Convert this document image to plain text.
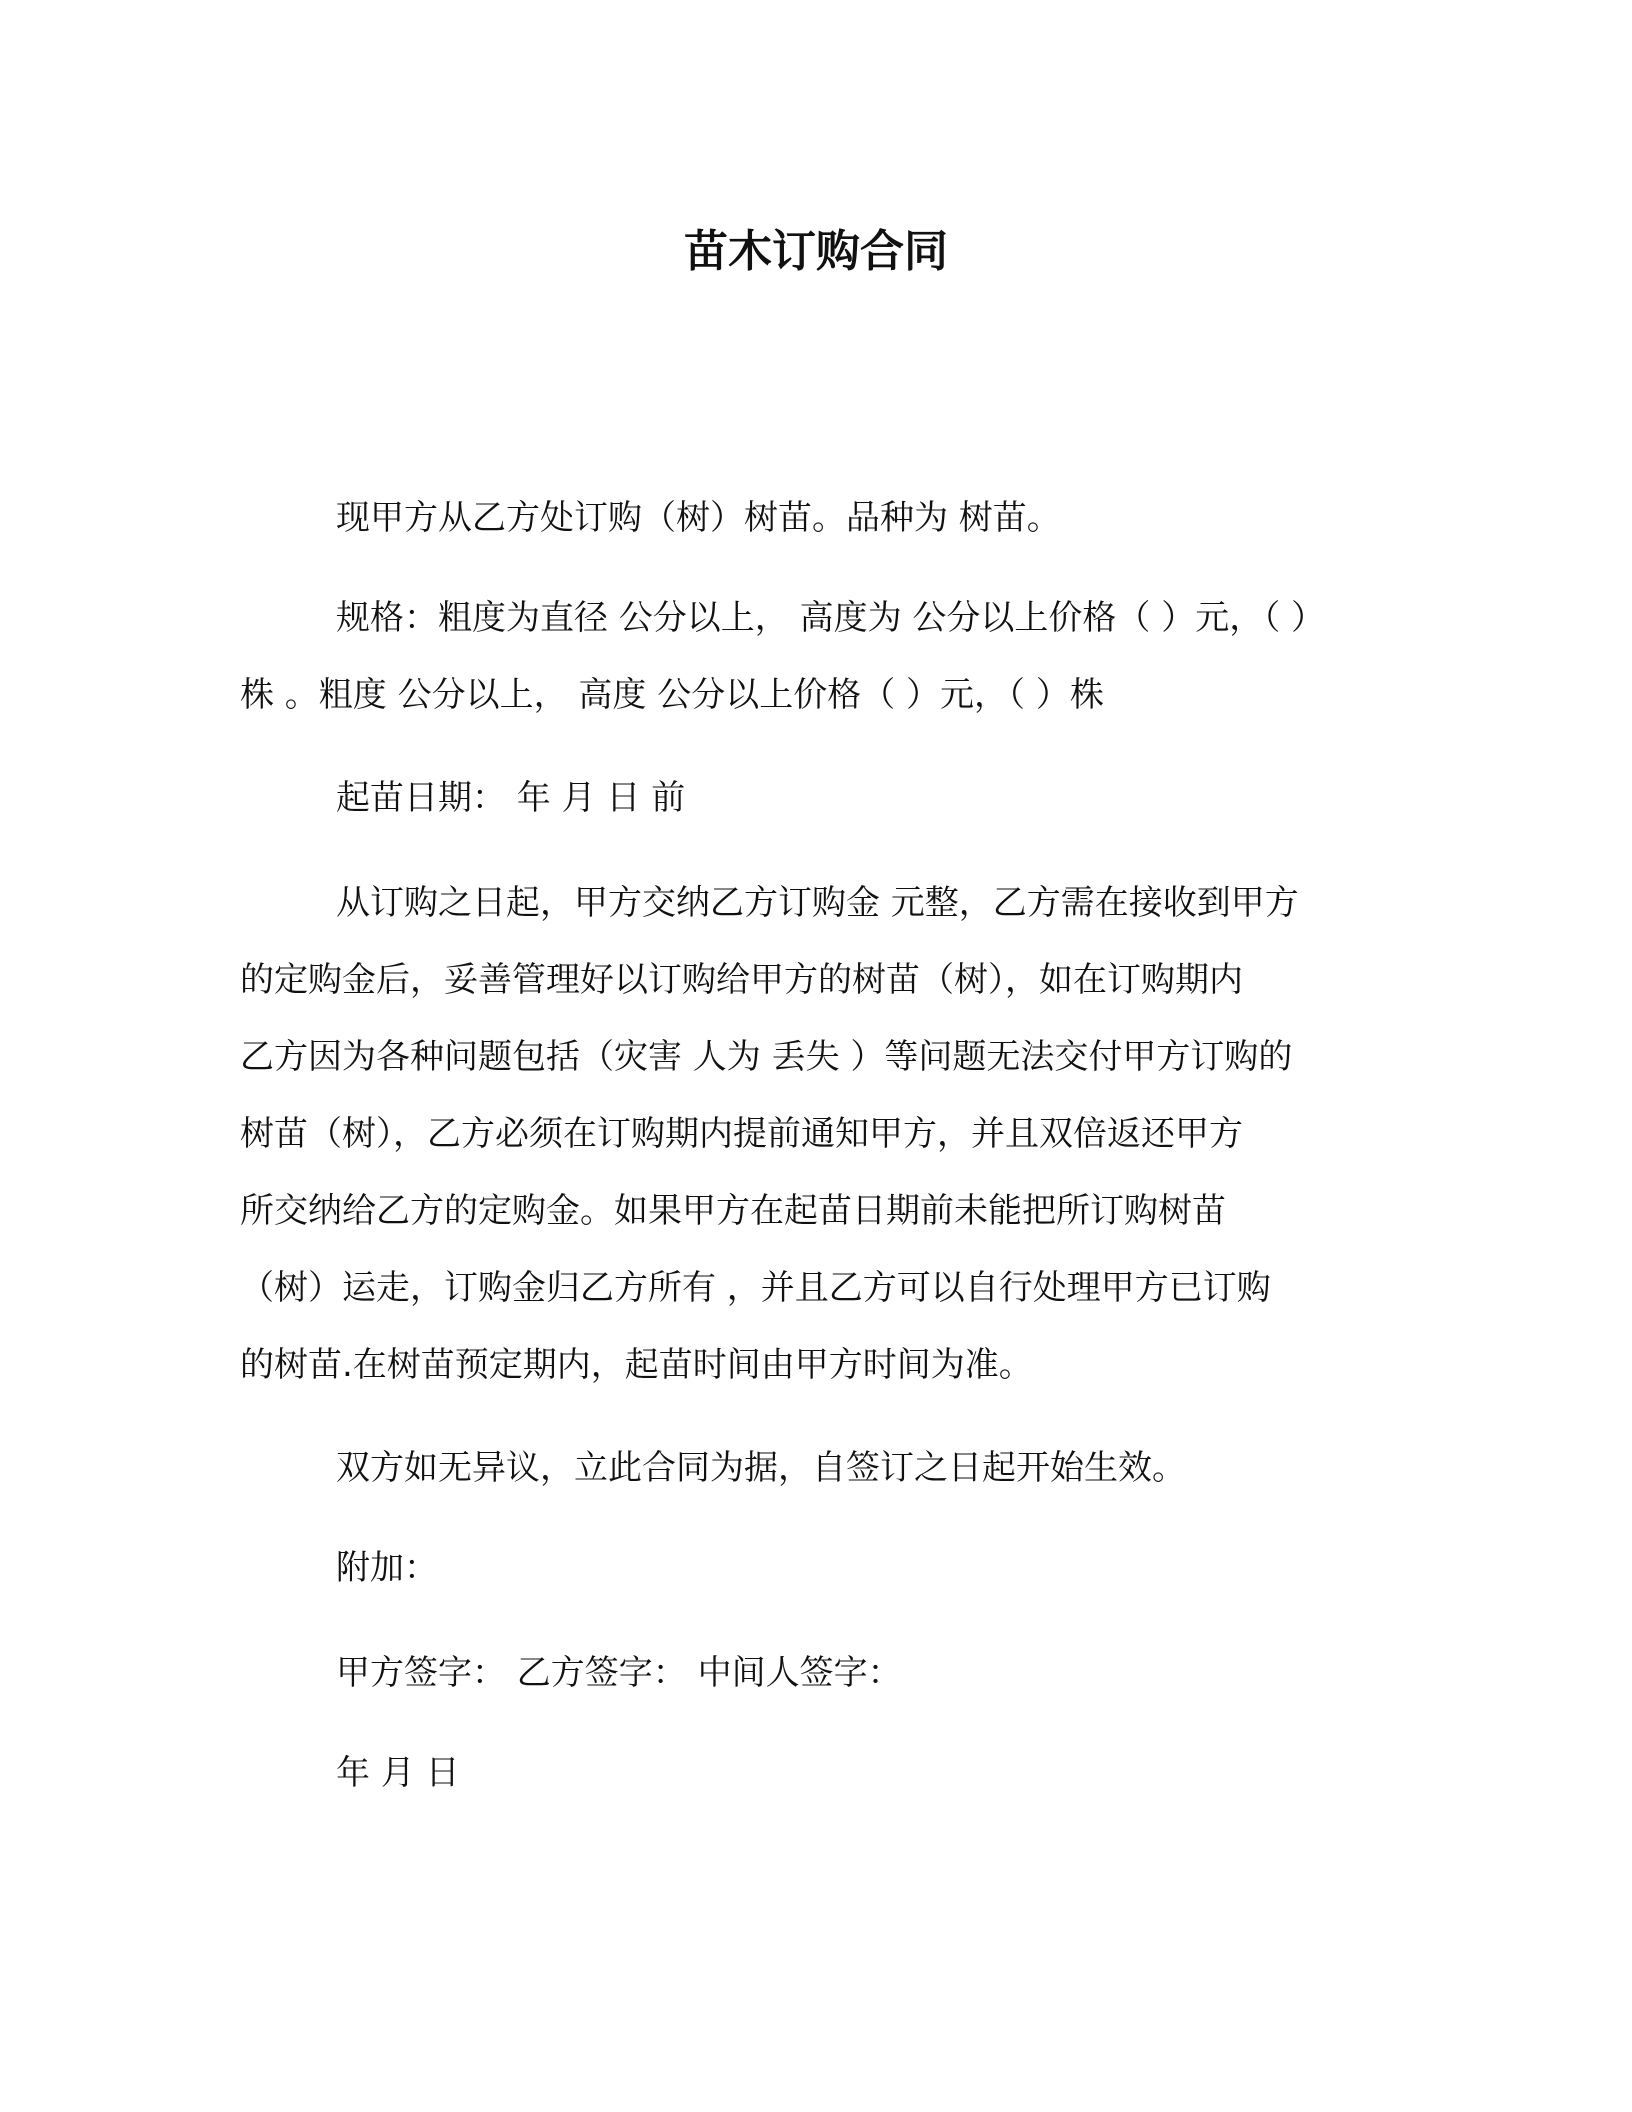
苗木订购合同

现甲方从乙方处订购（树）树苗。品种为 树苗。

规格：粗度为直径 公分以上， 高度为 公分以上价格（ ）元，（ ）
株 。粗度 公分以上， 高度 公分以上价格（ ）元，（ ）株

起苗日期： 年 月 日 前

从订购之日起，甲方交纳乙方订购金 元整，乙方需在接收到甲方
的定购金后，妥善管理好以订购给甲方的树苗（树），如在订购期内
乙方因为各种问题包括（灾害 人为 丢失 ）等问题无法交付甲方订购的
树苗（树），乙方必须在订购期内提前通知甲方，并且双倍返还甲方
所交纳给乙方的定购金。如果甲方在起苗日期前未能把所订购树苗
（树）运走，订购金归乙方所有 ，并且乙方可以自行处理甲方已订购
的树苗.在树苗预定期内，起苗时间由甲方时间为准。

双方如无异议，立此合同为据，自签订之日起开始生效。

附加：

甲方签字： 乙方签字： 中间人签字：

年 月 日
